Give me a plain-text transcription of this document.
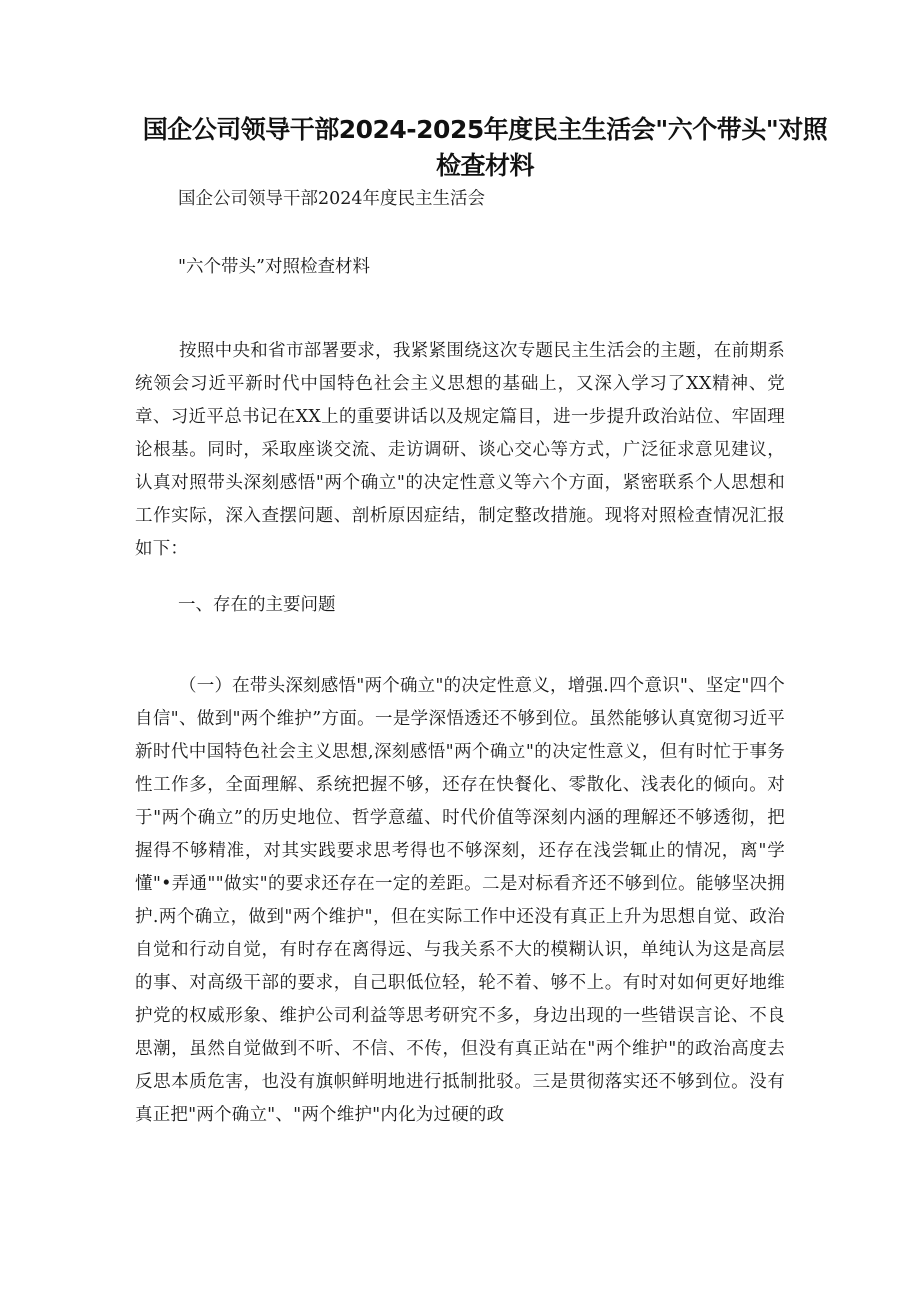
国企公司领导干部2024-2025年度民主生活会"六个带头"对照检查材料
国企公司领导干部2024年度民主生活会
"六个带头”对照检查材料

按照中央和省市部署要求，我紧紧围绕这次专题民主生活会的主题，在前期系统领会习近平新时代中国特色社会主义思想的基础上，又深入学习了XX精神、党章、习近平总书记在XX上的重要讲话以及规定篇目，进一步提升政治站位、牢固理论根基。同时，采取座谈交流、走访调研、谈心交心等方式，广泛征求意见建议，认真对照带头深刻感悟"两个确立"的决定性意义等六个方面，紧密联系个人思想和工作实际，深入查摆问题、剖析原因症结，制定整改措施。现将对照检查情况汇报如下：

一、存在的主要问题

（一）在带头深刻感悟"两个确立"的决定性意义，增强.四个意识"、坚定"四个自信"、做到"两个维护”方面。一是学深悟透还不够到位。虽然能够认真宽彻习近平新时代中国特色社会主义思想,深刻感悟"两个确立"的决定性意义，但有时忙于事务性工作多，全面理解、系统把握不够，还存在快餐化、零散化、浅表化的倾向。对于"两个确立”的历史地位、哲学意蕴、时代价值等深刻内涵的理解还不够透彻，把握得不够精准，对其实践要求思考得也不够深刻，还存在浅尝辄止的情况，离"学懂"•弄通""做实"的要求还存在一定的差距。二是对标看齐还不够到位。能够坚决拥护.两个确立，做到"两个维护"，但在实际工作中还没有真正上升为思想自觉、政治自觉和行动自觉，有时存在离得远、与我关系不大的模糊认识，单纯认为这是高层的事、对高级干部的要求，自己职低位轻，轮不着、够不上。有时对如何更好地维护党的权威形象、维护公司利益等思考研究不多，身边出现的一些错误言论、不良思潮，虽然自觉做到不听、不信、不传，但没有真正站在"两个维护"的政治高度去反思本质危害，也没有旗帜鲜明地进行抵制批驳。三是贯彻落实还不够到位。没有真正把"两个确立"、"两个维护"内化为过硬的政
